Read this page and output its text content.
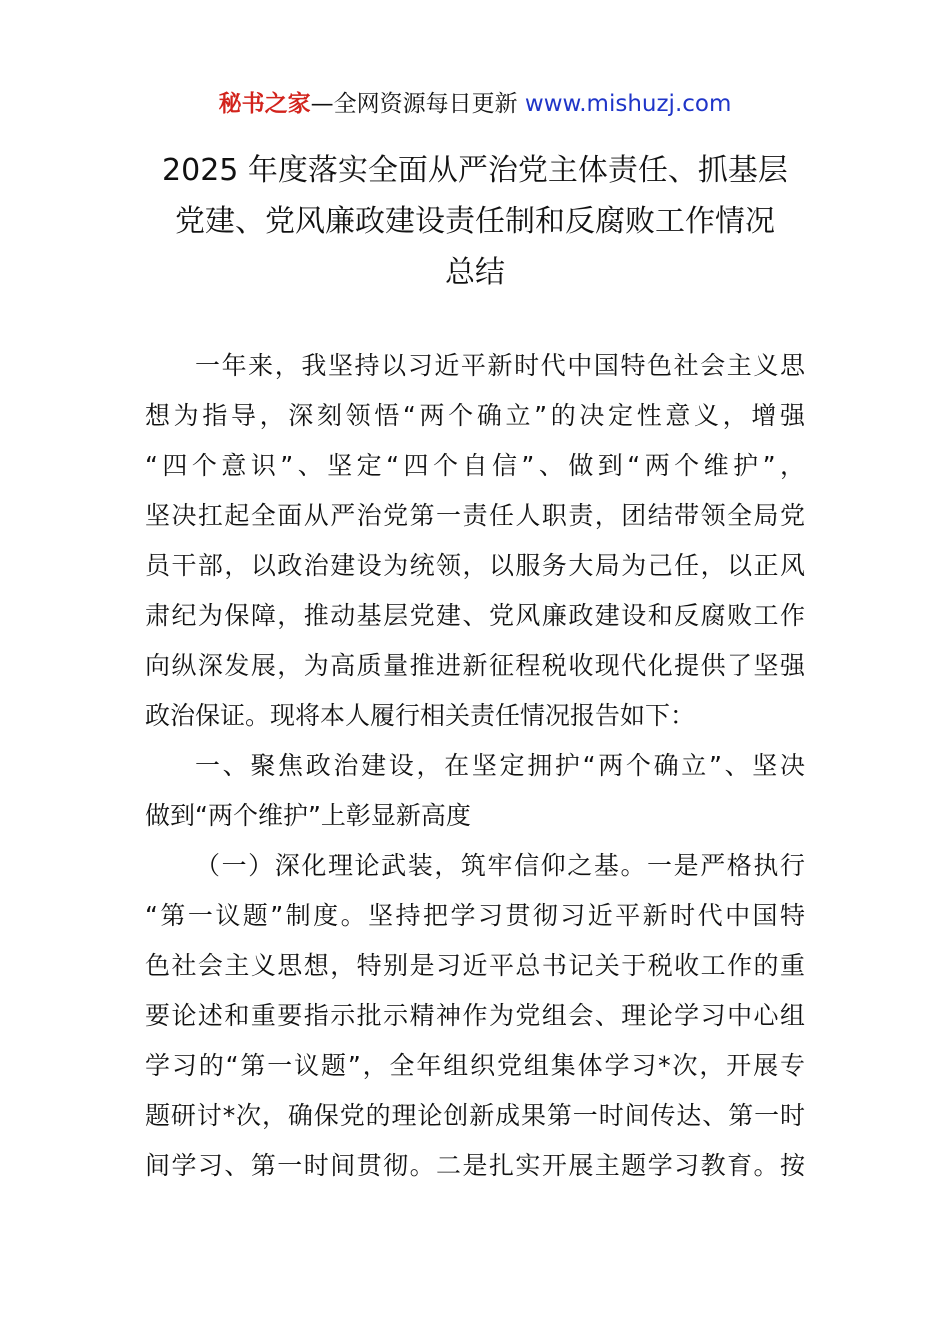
秘书之家—全网资源每日更新 www.mishuzj.com
2025 年度落实全面从严治党主体责任、抓基层
党建、党风廉政建设责任制和反腐败工作情况
总结
一年来，我坚持以习近平新时代中国特色社会主义思
想为指导，深刻领悟“两个确立”的决定性意义，增强
“四个意识”、坚定“四个自信”、做到“两个维护”，
坚决扛起全面从严治党第一责任人职责，团结带领全局党
员干部，以政治建设为统领，以服务大局为己任，以正风
肃纪为保障，推动基层党建、党风廉政建设和反腐败工作
向纵深发展，为高质量推进新征程税收现代化提供了坚强
政治保证。现将本人履行相关责任情况报告如下：
一、聚焦政治建设，在坚定拥护“两个确立”、坚决
做到“两个维护”上彰显新高度
（一）深化理论武装，筑牢信仰之基。一是严格执行
“第一议题”制度。坚持把学习贯彻习近平新时代中国特
色社会主义思想，特别是习近平总书记关于税收工作的重
要论述和重要指示批示精神作为党组会、理论学习中心组
学习的“第一议题”，全年组织党组集体学习*次，开展专
题研讨*次，确保党的理论创新成果第一时间传达、第一时
间学习、第一时间贯彻。二是扎实开展主题学习教育。按
